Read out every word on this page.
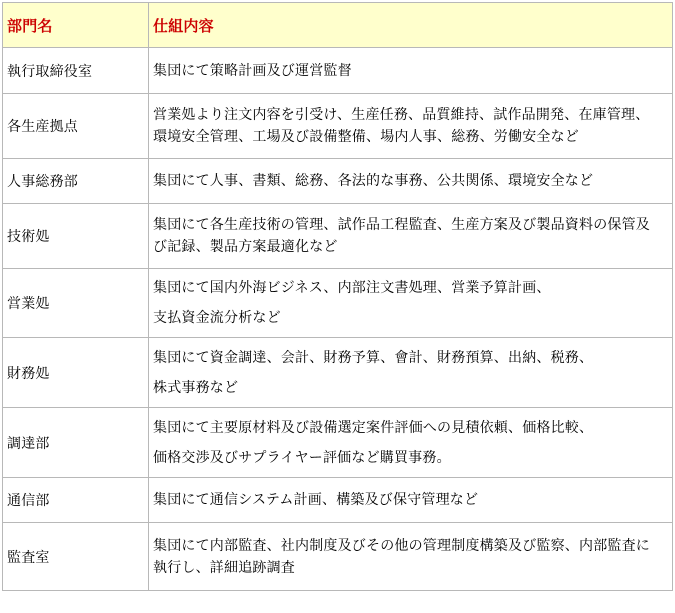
部門名	仕組内容
執行取締役室	集団にて策略計画及び運営監督

各生産拠点	営業処より注文内容を引受け、生産任務、品質維持、試作品開発、在庫管理、
環境安全管理、工場及び設備整備、場内人事、総務、労働安全など

人事総務部	集団にて人事、書類、総務、各法的な事務、公共関係、環境安全など

技術処	集団にて各生産技術の管理、試作品工程監査、生産方案及び製品資料の保管及
び記録、製品方案最適化など

営業処	集団にて国内外海ビジネス、内部注文書処理、営業予算計画、
支払資金流分析など

財務処	集団にて資金調達、会計、財務予算、會計、財務預算、出納、税務、
株式事務など

調達部	集団にて主要原材料及び設備選定案件評価への見積依頼、価格比較、
価格交渉及びサプライヤー評価など購買事務。

通信部	集団にて通信システム計画、構築及び保守管理など

監査室	集団にて内部監査、社内制度及びその他の管理制度構築及び監察、内部監査に
執行し、詳細追跡調査
